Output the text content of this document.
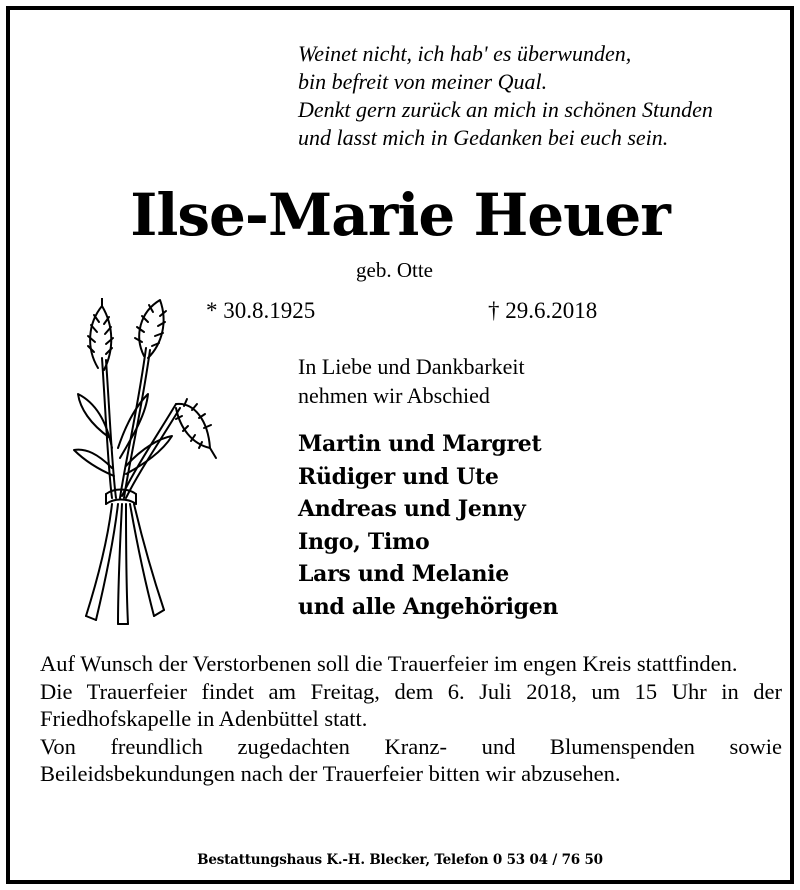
Weinet nicht, ich hab' es überwunden,
bin befreit von meiner Qual.
Denkt gern zurück an mich in schönen Stunden
und lasst mich in Gedanken bei euch sein.
Ilse-Marie Heuer
geb. Otte
* 30.8.1925	† 29.6.2018
In Liebe und Dankbarkeit
nehmen wir Abschied
Martin und Margret
Rüdiger und Ute
Andreas und Jenny
Ingo, Timo
Lars und Melanie
und alle Angehörigen

Auf Wunsch der Verstorbenen soll die Trauerfeier im engen Kreis stattfinden.

Die Trauerfeier findet am Freitag, dem 6. Juli 2018, um 15 Uhr in der Friedhofskapelle in Adenbüttel statt.

Von freundlich zugedachten Kranz- und Blumenspenden sowie Beileidsbekundungen nach der Trauerfeier bitten wir abzusehen.

Bestattungshaus K.-H. Blecker, Telefon 0 53 04 / 76 50
